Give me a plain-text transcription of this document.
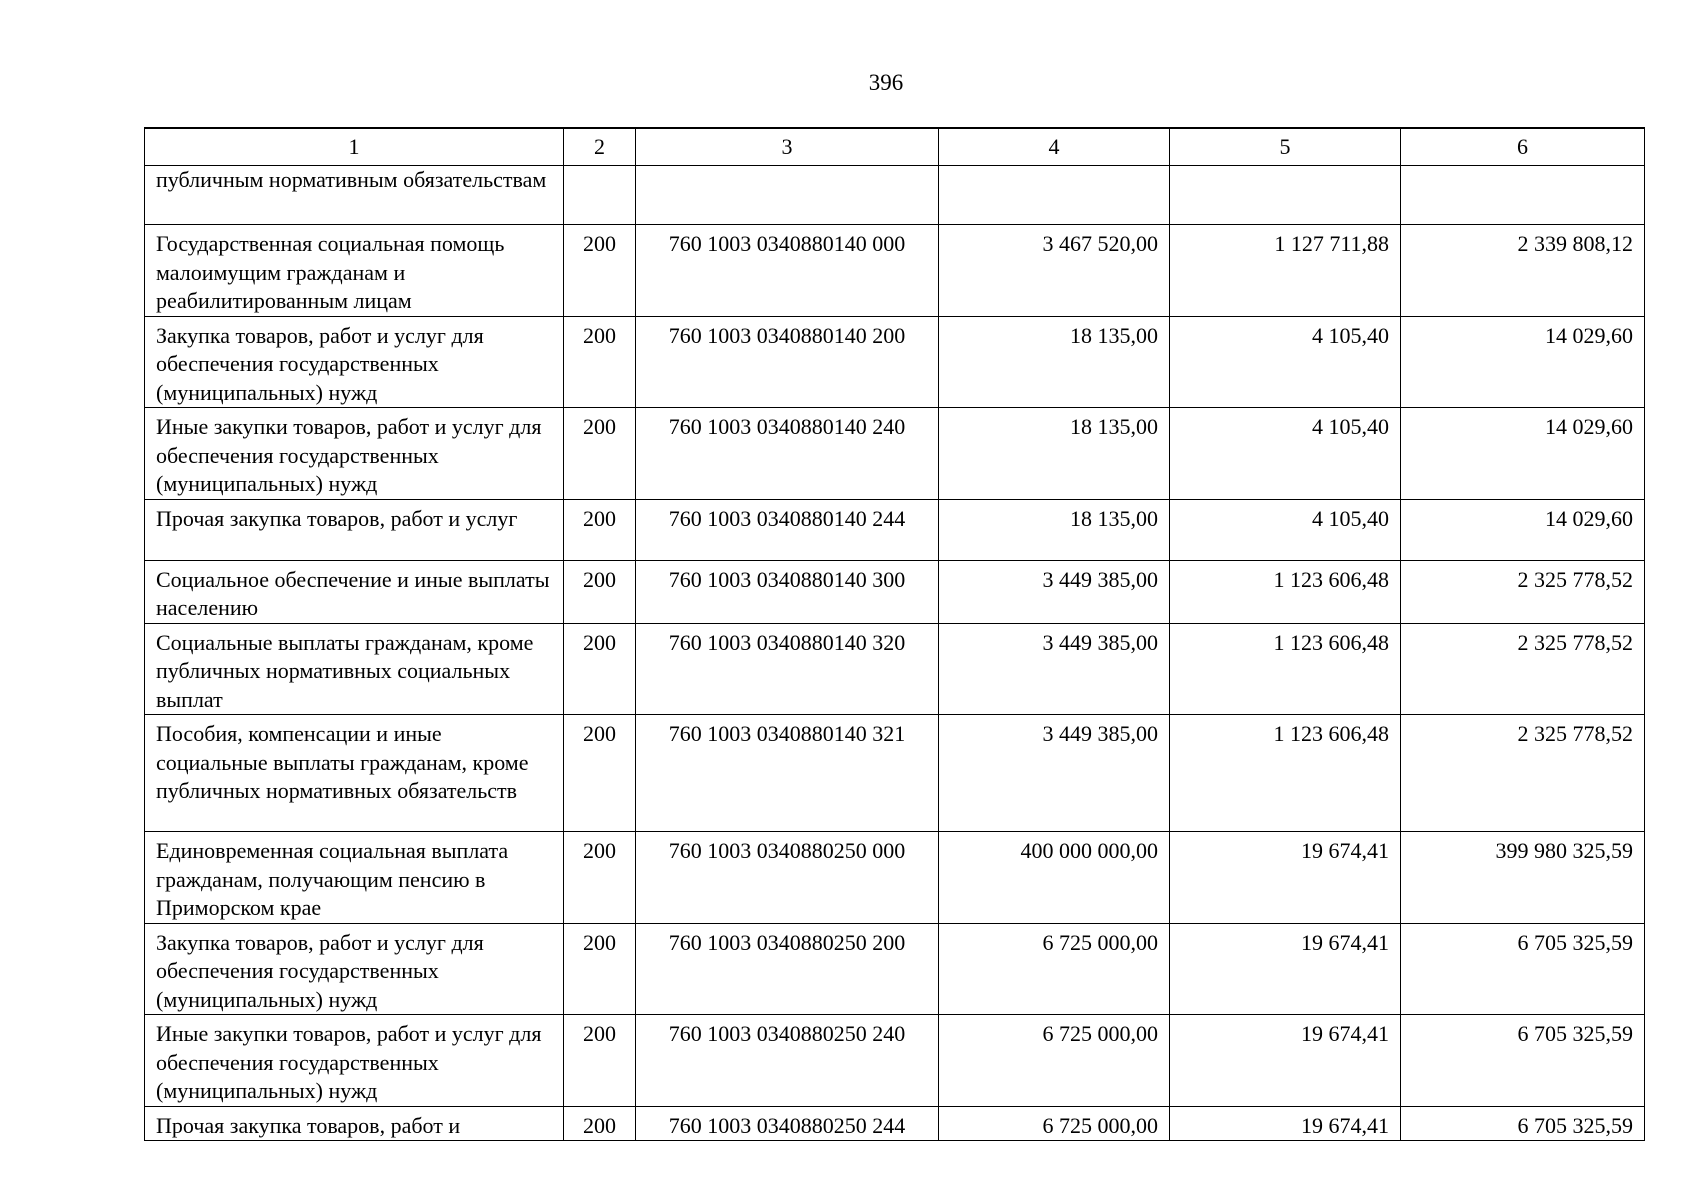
396
1	2	3	4	5	6
публичным нормативным обязательствам					
Государственная социальная помощь малоимущим гражданам и реабилитированным лицам	200	760 1003 0340880140 000	3 467 520,00	1 127 711,88	2 339 808,12
Закупка товаров, работ и услуг для обеспечения государственных (муниципальных) нужд	200	760 1003 0340880140 200	18 135,00	4 105,40	14 029,60
Иные закупки товаров, работ и услуг для обеспечения государственных (муниципальных) нужд	200	760 1003 0340880140 240	18 135,00	4 105,40	14 029,60
Прочая закупка товаров, работ и услуг	200	760 1003 0340880140 244	18 135,00	4 105,40	14 029,60
Социальное обеспечение и иные выплаты населению	200	760 1003 0340880140 300	3 449 385,00	1 123 606,48	2 325 778,52
Социальные выплаты гражданам, кроме публичных нормативных социальных выплат	200	760 1003 0340880140 320	3 449 385,00	1 123 606,48	2 325 778,52
Пособия, компенсации и иные социальные выплаты гражданам, кроме публичных нормативных обязательств	200	760 1003 0340880140 321	3 449 385,00	1 123 606,48	2 325 778,52
Единовременная социальная выплата гражданам, получающим пенсию в Приморском крае	200	760 1003 0340880250 000	400 000 000,00	19 674,41	399 980 325,59
Закупка товаров, работ и услуг для обеспечения государственных (муниципальных) нужд	200	760 1003 0340880250 200	6 725 000,00	19 674,41	6 705 325,59
Иные закупки товаров, работ и услуг для обеспечения государственных (муниципальных) нужд	200	760 1003 0340880250 240	6 725 000,00	19 674,41	6 705 325,59
Прочая закупка товаров, работ и	200	760 1003 0340880250 244	6 725 000,00	19 674,41	6 705 325,59
